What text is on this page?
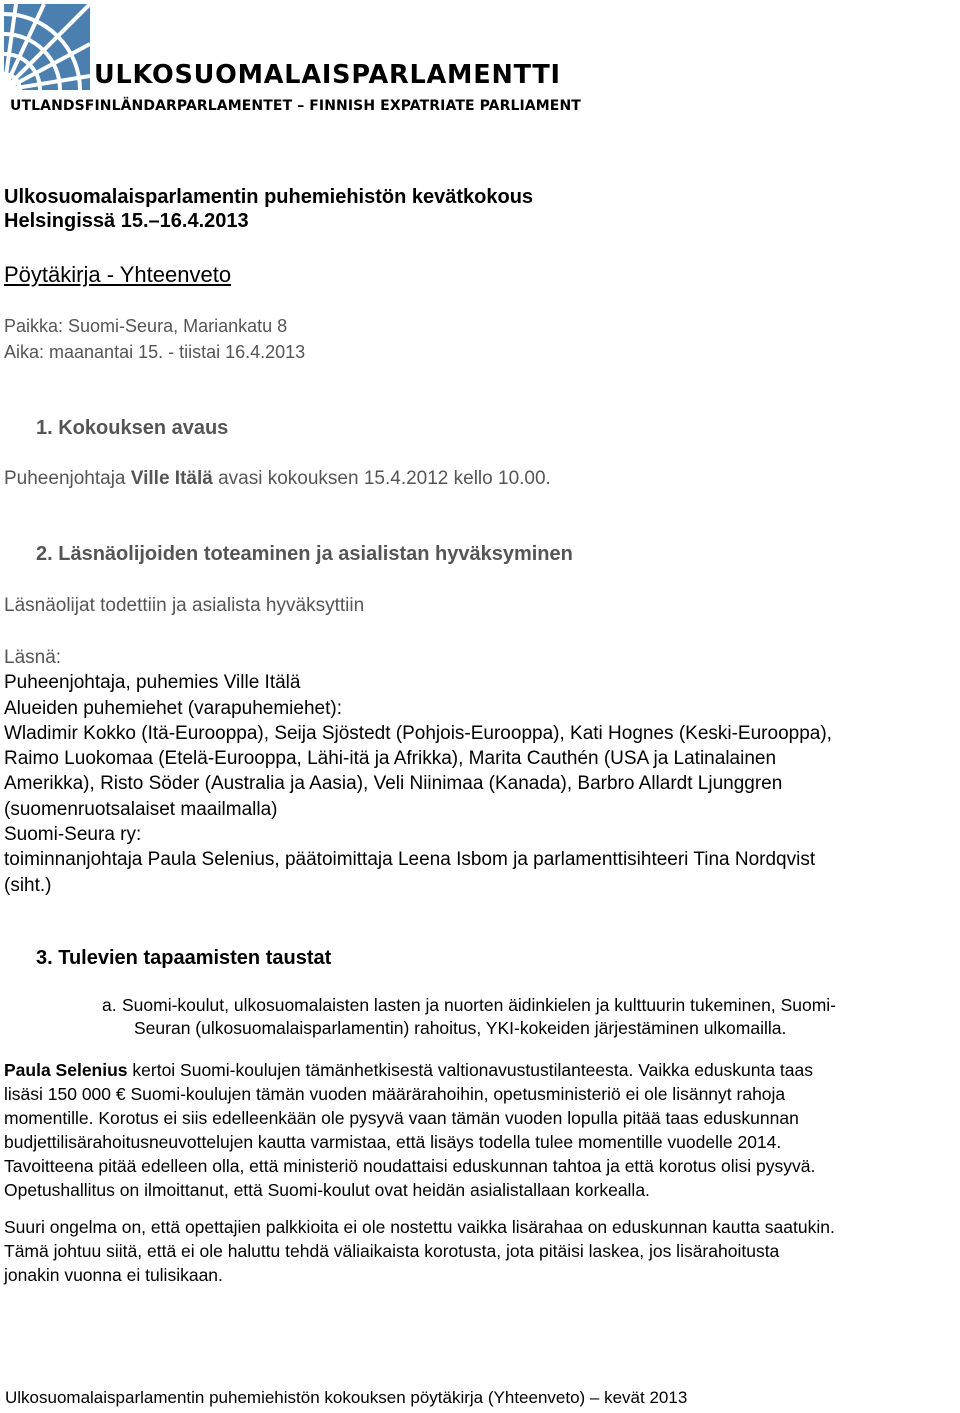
ULKOSUOMALAISPARLAMENTTI
UTLANDSFINLÄNDARPARLAMENTET – FINNISH EXPATRIATE PARLIAMENT
Ulkosuomalaisparlamentin puhemiehistön kevätkokous
Helsingissä 15.–16.4.2013
Pöytäkirja - Yhteenveto
Paikka: Suomi-Seura, Mariankatu 8
Aika: maanantai 15. - tiistai 16.4.2013
1. Kokouksen avaus
Puheenjohtaja Ville Itälä avasi kokouksen 15.4.2012 kello 10.00.
2. Läsnäolijoiden toteaminen ja asialistan hyväksyminen
Läsnäolijat todettiin ja asialista hyväksyttiin
Läsnä:
Puheenjohtaja, puhemies Ville Itälä
Alueiden puhemiehet (varapuhemiehet):
Wladimir Kokko (Itä-Eurooppa), Seija Sjöstedt (Pohjois-Eurooppa), Kati Hognes (Keski-Eurooppa),
Raimo Luokomaa (Etelä-Eurooppa, Lähi-itä ja Afrikka), Marita Cauthén (USA ja Latinalainen
Amerikka), Risto Söder (Australia ja Aasia), Veli Niinimaa (Kanada), Barbro Allardt Ljunggren
(suomenruotsalaiset maailmalla)
Suomi-Seura ry:
toiminnanjohtaja Paula Selenius, päätoimittaja Leena Isbom ja parlamenttisihteeri Tina Nordqvist
(siht.)
3. Tulevien tapaamisten taustat
a. Suomi-koulut, ulkosuomalaisten lasten ja nuorten äidinkielen ja kulttuurin tukeminen, Suomi-
Seuran (ulkosuomalaisparlamentin) rahoitus, YKI-kokeiden järjestäminen ulkomailla.
Paula Selenius kertoi Suomi-koulujen tämänhetkisestä valtionavustustilanteesta. Vaikka eduskunta taas
lisäsi 150 000 € Suomi-koulujen tämän vuoden määrärahoihin, opetusministeriö ei ole lisännyt rahoja
momentille. Korotus ei siis edelleenkään ole pysyvä vaan tämän vuoden lopulla pitää taas eduskunnan
budjettilisärahoitusneuvottelujen kautta varmistaa, että lisäys todella tulee momentille vuodelle 2014.
Tavoitteena pitää edelleen olla, että ministeriö noudattaisi eduskunnan tahtoa ja että korotus olisi pysyvä.
Opetushallitus on ilmoittanut, että Suomi-koulut ovat heidän asialistallaan korkealla.
Suuri ongelma on, että opettajien palkkioita ei ole nostettu vaikka lisärahaa on eduskunnan kautta saatukin.
Tämä johtuu siitä, että ei ole haluttu tehdä väliaikaista korotusta, jota pitäisi laskea, jos lisärahoitusta
jonakin vuonna ei tulisikaan.
Ulkosuomalaisparlamentin puhemiehistön kokouksen pöytäkirja (Yhteenveto) – kevät 2013
